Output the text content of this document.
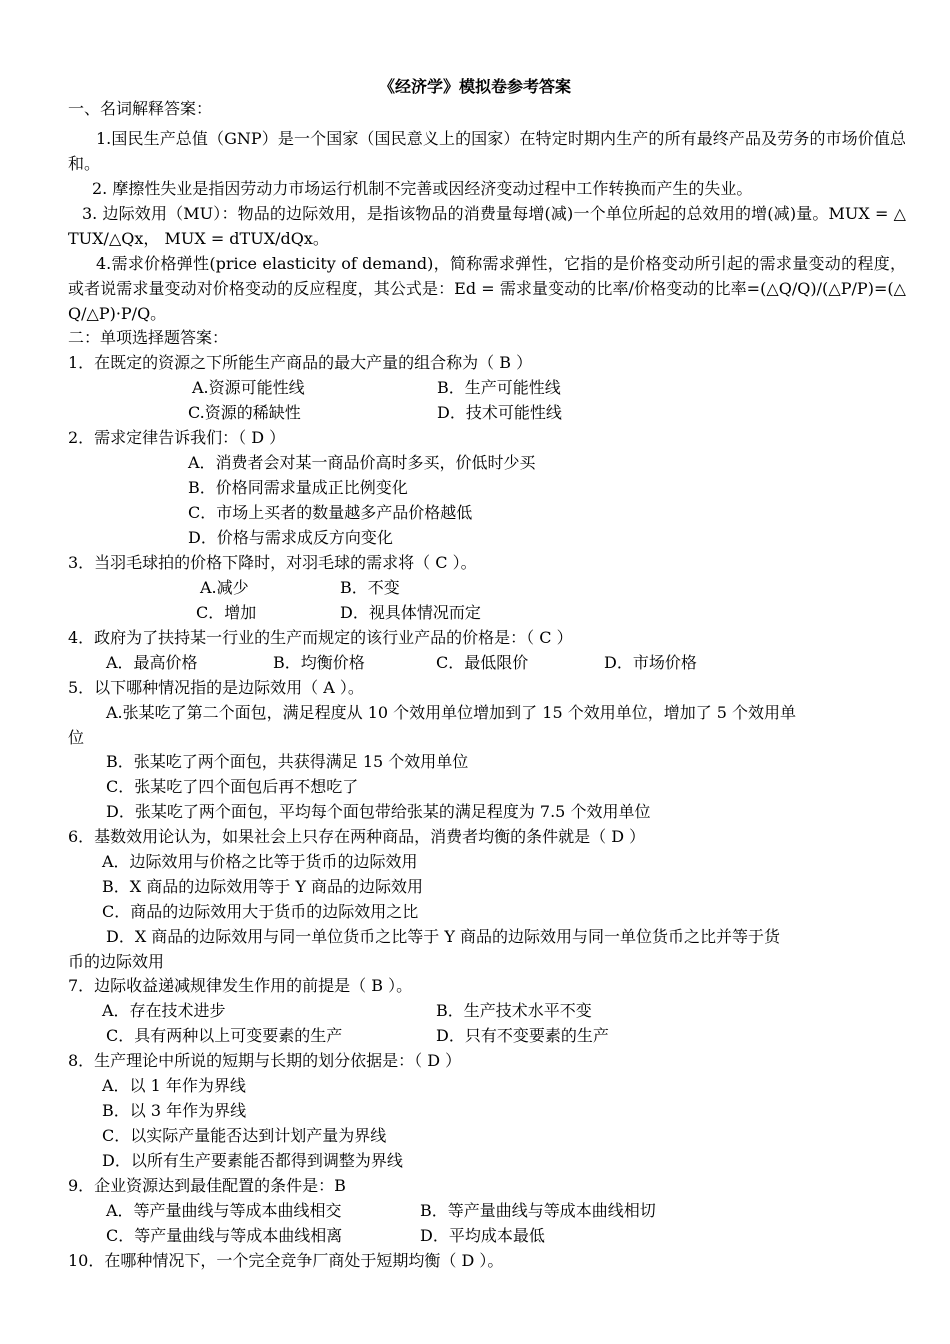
《经济学》模拟卷参考答案
一、名词解释答案：
1.国民生产总值（GNP）是一个国家（国民意义上的国家）在特定时期内生产的所有最终产品及劳务的市场价值总和。
2. 摩擦性失业是指因劳动力市场运行机制不完善或因经济变动过程中工作转换而产生的失业。
3. 边际效用（MU）：物品的边际效用，是指该物品的消费量每增(减)一个单位所起的总效用的增(减)量。MUX = △TUX/△Qx， MUX = dTUX/dQx。
4.需求价格弹性(price elasticity of demand)，简称需求弹性，它指的是价格变动所引起的需求量变动的程度，或者说需求量变动对价格变动的反应程度，其公式是：Ed = 需求量变动的比率/价格变动的比率=(△Q/Q)/(△P/P)=(△Q/△P)·P/Q。
二：单项选择题答案：
1．在既定的资源之下所能生产商品的最大产量的组合称为（ B ）
A.资源可能性线	B．生产可能性线
C.资源的稀缺性	D．技术可能性线
2．需求定律告诉我们：（ D ）
A．消费者会对某一商品价高时多买，价低时少买
B．价格同需求量成正比例变化
C．市场上买者的数量越多产品价格越低
D．价格与需求成反方向变化
3．当羽毛球拍的价格下降时，对羽毛球的需求将（ C ）。
A.减少	B．不变
C．增加	D．视具体情况而定
4．政府为了扶持某一行业的生产而规定的该行业产品的价格是：（ C ）
A．最高价格	B．均衡价格	C．最低限价	D．市场价格
5．以下哪种情况指的是边际效用（ A ）。
A.张某吃了第二个面包，满足程度从 10 个效用单位增加到了 15 个效用单位，增加了 5 个效用单
位
B．张某吃了两个面包，共获得满足 15 个效用单位
C．张某吃了四个面包后再不想吃了
D．张某吃了两个面包，平均每个面包带给张某的满足程度为 7.5 个效用单位
6．基数效用论认为，如果社会上只存在两种商品，消费者均衡的条件就是（ D ）
A．边际效用与价格之比等于货币的边际效用
B．X 商品的边际效用等于 Y 商品的边际效用
C．商品的边际效用大于货币的边际效用之比
D．X 商品的边际效用与同一单位货币之比等于 Y 商品的边际效用与同一单位货币之比并等于货
币的边际效用
7．边际收益递减规律发生作用的前提是（ B ）。
A．存在技术进步	B．生产技术水平不变
C．具有两种以上可变要素的生产	D．只有不变要素的生产
8．生产理论中所说的短期与长期的划分依据是：（ D ）
A．以 1 年作为界线
B．以 3 年作为界线
C．以实际产量能否达到计划产量为界线
D．以所有生产要素能否都得到调整为界线
9．企业资源达到最佳配置的条件是：B
A．等产量曲线与等成本曲线相交	B．等产量曲线与等成本曲线相切
C．等产量曲线与等成本曲线相离	D．平均成本最低
10．在哪种情况下，一个完全竞争厂商处于短期均衡（ D ）。
